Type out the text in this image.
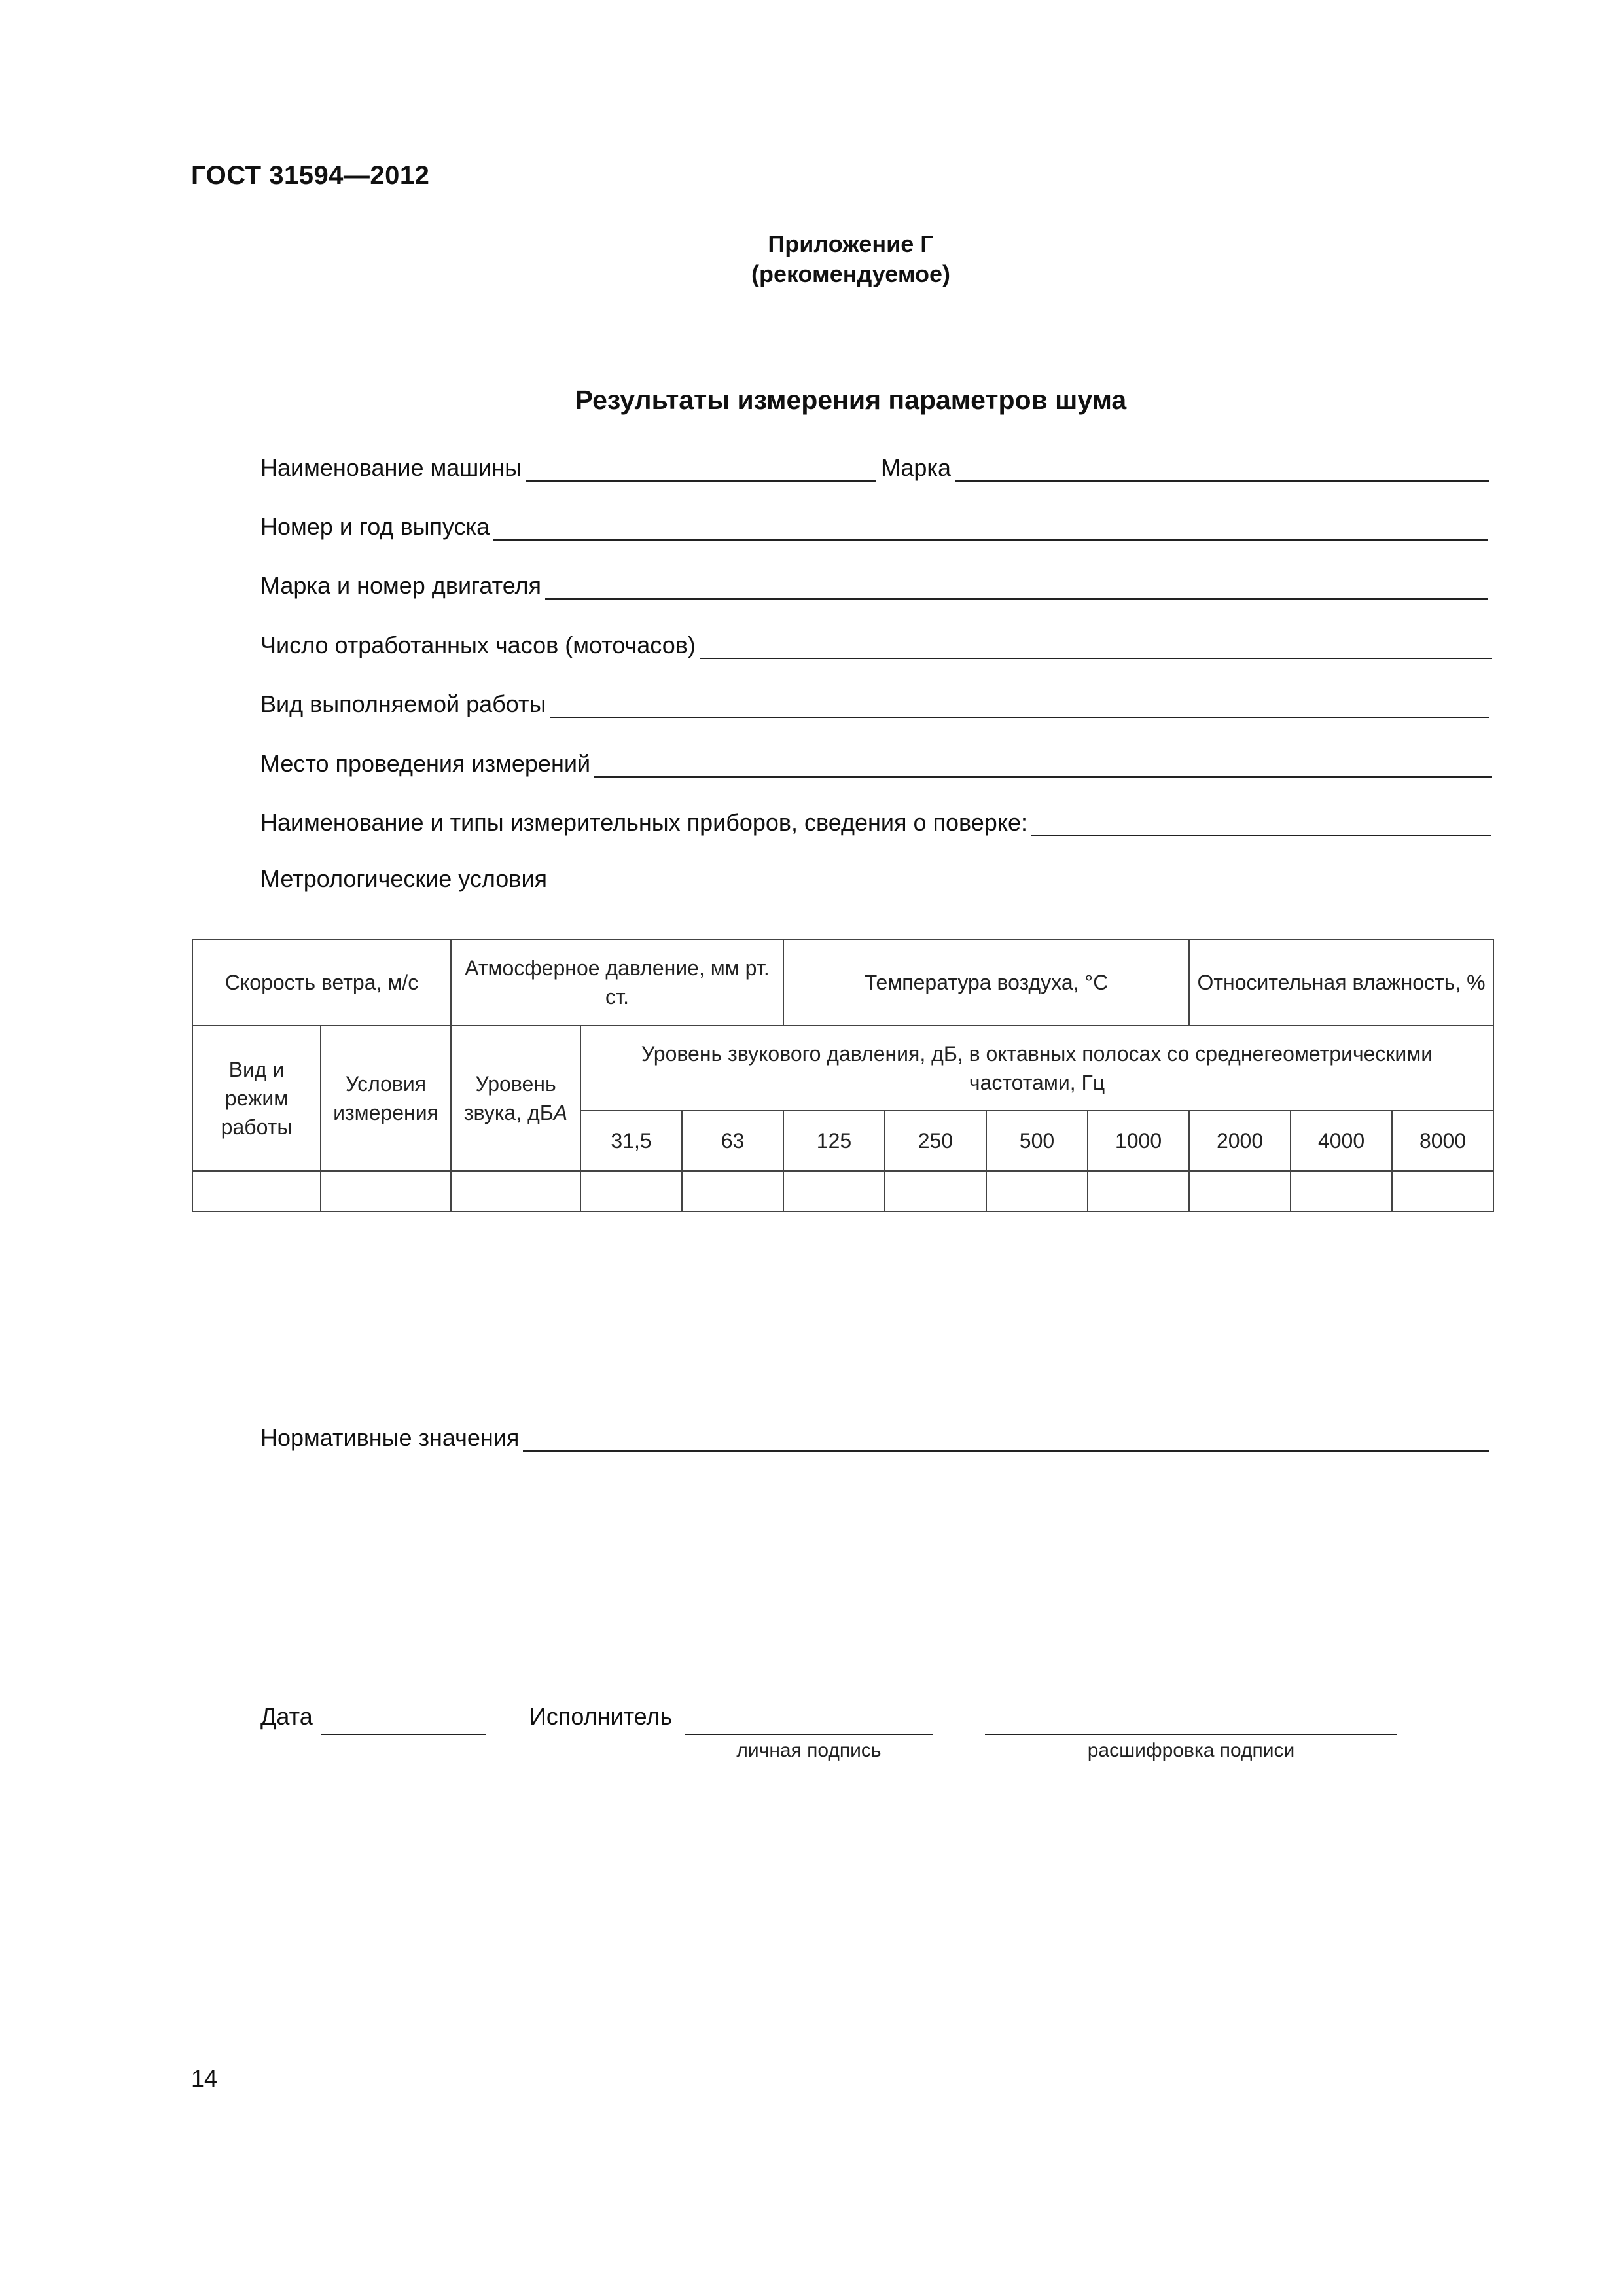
ГОСТ 31594—2012
Приложение Г
(рекомендуемое)
Результаты измерения параметров шума
Наименование машины	Марка
Номер и год выпуска
Марка и номер двигателя
Число отработанных часов (моточасов)
Вид выполняемой работы
Место проведения измерений
Наименование и типы измерительных приборов, сведения о поверке:
Метрологические условия
Скорость ветра, м/с		Атмосферное давление, мм рт. ст.			Температура воздуха, °C				Относительная влажность, %		
Вид и режим работы	Условия измерения	Уровень звука, дБА	Уровень звукового давления, дБ, в октавных полосах со среднегеометрическими частотами, Гц								
			31,5	63	125	250	500	1000	2000	4000	8000

Нормативные значения
Дата	Исполнитель
личная подпись	расшифровка подписи
14
